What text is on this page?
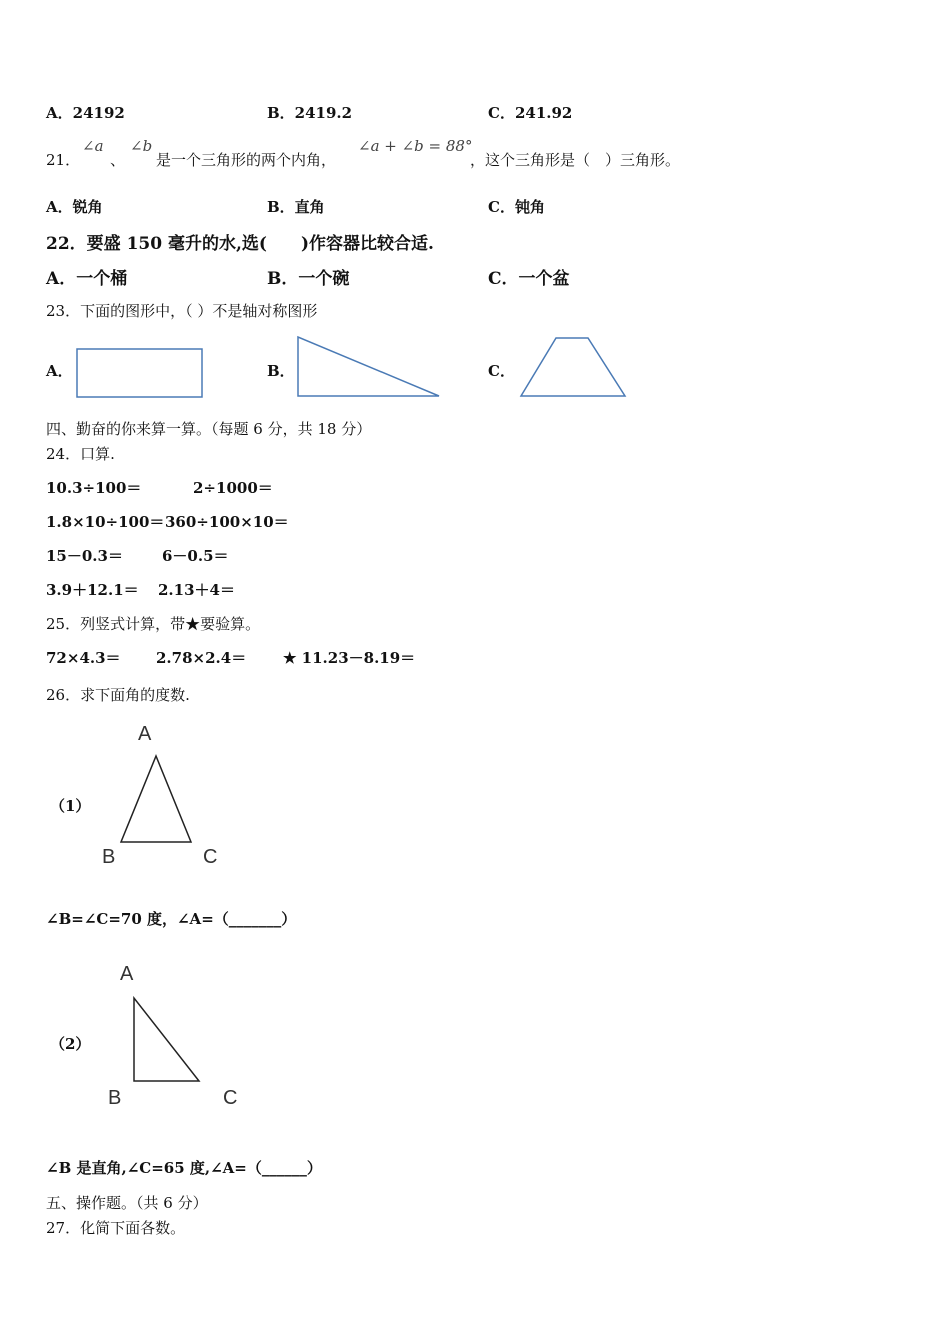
A．24192	B．2419.2	C．241.92
21．
∠a
、
∠b
是一个三角形的两个内角，
∠a + ∠b = 88°
，这个三角形是（　）三角形。
A．锐角	B．直角	C．钝角
22．要盛 150 毫升的水,选(　　)作容器比较合适.
A．一个桶	B．一个碗	C．一个盆
23．下面的图形中，（ ）不是轴对称图形
A．	B．	C．
四、勤奋的你来算一算。（每题 6 分，共 18 分）
24．口算.
10.3÷100＝	2÷1000＝
1.8×10÷100＝ 360÷100×10＝
15－0.3＝	6－0.5＝
3.9＋12.1＝ 2.13＋4＝
25．列竖式计算，带★要验算。
72×4.3＝ 2.78×2.4＝ ★ 11.23－8.19＝
26．求下面角的度数.
（1）
A
B	C
∠B=∠C=70 度，∠A=（_______）
（2）
A
B	C
∠B 是直角,∠C=65 度,∠A=（______）
五、操作题。（共 6 分）
27．化简下面各数。
